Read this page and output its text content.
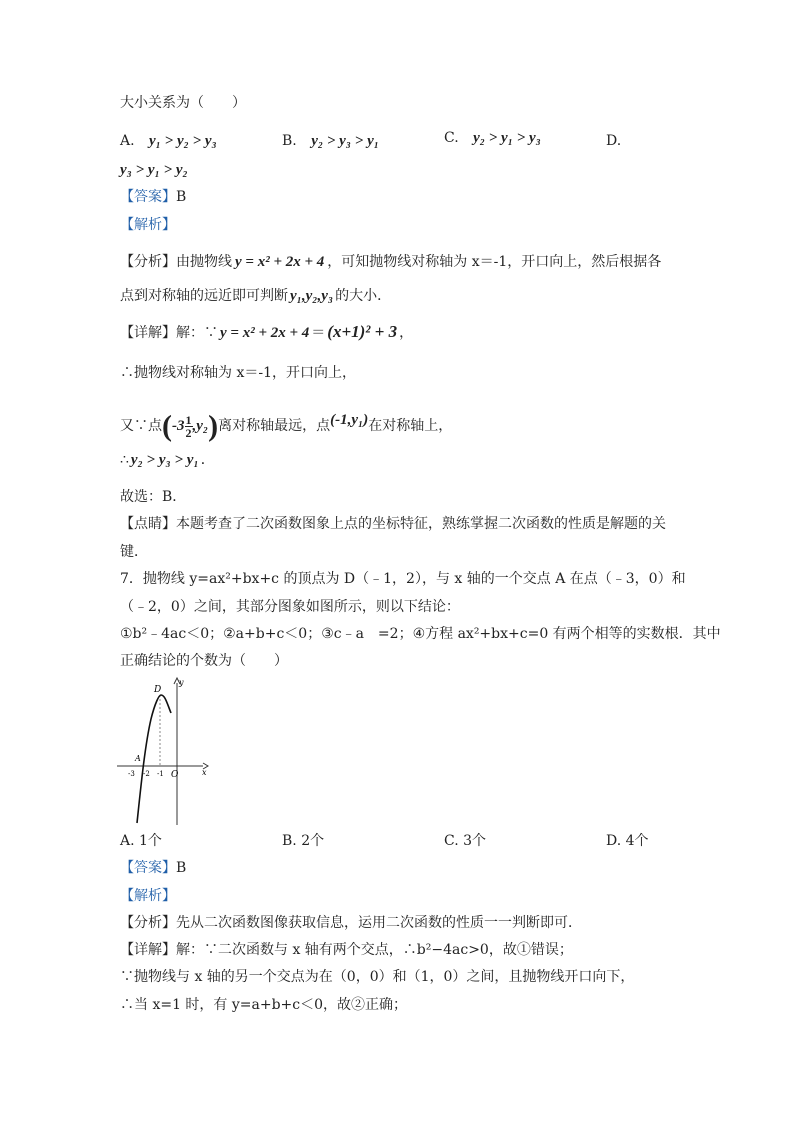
大小关系为（　　）
A. y₁ > y₂ > y₃	B. y₂ > y₃ > y₁	C. y₂ > y₁ > y₃	D.
y₃ > y₁ > y₂
【答案】B
【解析】
【分析】由抛物线 y = x² + 2x + 4 ，可知抛物线对称轴为 x＝-1，开口向上，然后根据各
点到对称轴的远近即可判断 y₁,y₂,y₃ 的大小．
【详解】解：∵ y = x² + 2x + 4 ＝ (x+1)² + 3 ，
∴抛物线对称轴为 x＝-1，开口向上，
又∵点$(-3 \frac{1}{2} ,y_2)$离对称轴最远，点(-1,y₁)在对称轴上，
∴ y₂ > y₃ > y₁ ．
故选：B．
【点睛】本题考查了二次函数图象上点的坐标特征，熟练掌握二次函数的性质是解题的关
键．
7．抛物线 y=ax²+bx+c 的顶点为 D（﹣1，2），与 x 轴的一个交点 A 在点（﹣3，0）和
（﹣2，0）之间，其部分图象如图所示，则以下结论：
①b²﹣4ac＜0；②a+b+c＜0；③c﹣a　=2；④方程 ax²+bx+c=0 有两个相等的实数根．其中
正确结论的个数为（　　）
x
y
D
A
-3 -2 -1 O
A. 1个	B. 2个	C. 3个	D. 4个
【答案】B
【解析】
【分析】先从二次函数图像获取信息，运用二次函数的性质一一判断即可．
【详解】解：∵二次函数与 x 轴有两个交点，∴b²−4ac>0，故①错误；
∵抛物线与 x 轴的另一个交点为在（0，0）和（1，0）之间，且抛物线开口向下，
∴当 x=1 时，有 y=a+b+c＜0，故②正确；
